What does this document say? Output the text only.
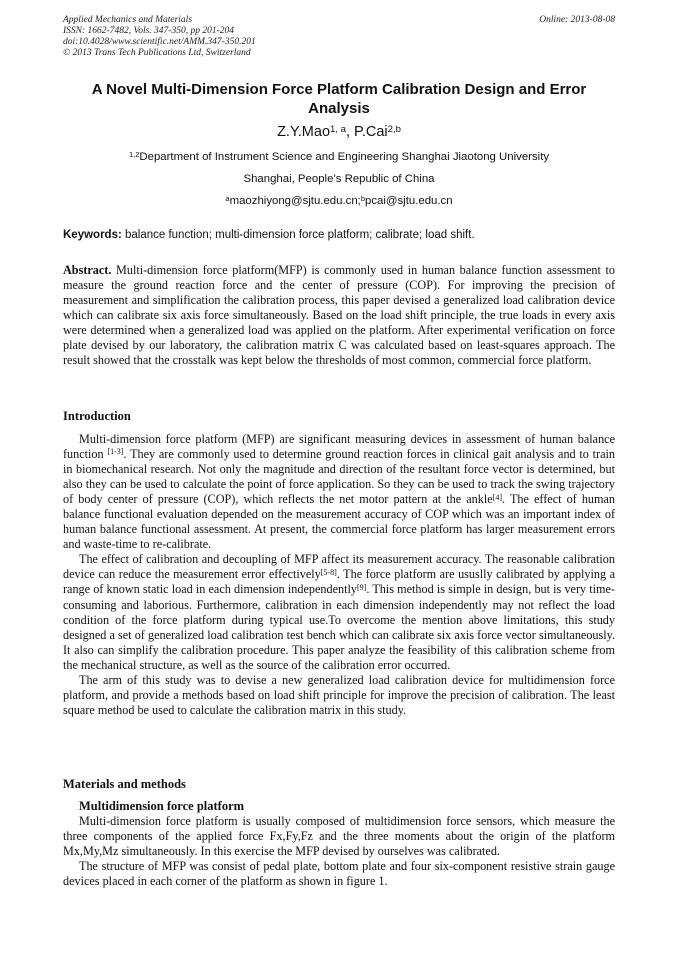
Applied Mechanics and Materials
ISSN: 1662-7482, Vols. 347-350, pp 201-204
doi:10.4028/www.scientific.net/AMM.347-350.201
© 2013 Trans Tech Publications Ltd, Switzerland
Online: 2013-08-08
A Novel Multi-Dimension Force Platform Calibration Design and Error Analysis
Z.Y.Mao$^{1, a}$, P.Cai$^{2,b}$
$^{1,2}$Department of Instrument Science and Engineering Shanghai Jiaotong University
Shanghai, People’s Republic of China
$^a$maozhiyong@sjtu.edu.cn;$^b$pcai@sjtu.edu.cn
Keywords: balance function; multi-dimension force platform; calibrate; load shift.
Abstract. Multi-dimension force platform(MFP) is commonly used in human balance function assessment to measure the ground reaction force and the center of pressure (COP). For improving the precision of measurement and simplification the calibration process, this paper devised a generalized load calibration device which can calibrate six axis force simultaneously. Based on the load shift principle, the true loads in every axis were determined when a generalized load was applied on the platform. After experimental verification on force plate devised by our laboratory, the calibration matrix C was calculated based on least-squares approach. The result showed that the crosstalk was kept below the thresholds of most common, commercial force platform.
Introduction

Multi-dimension force platform (MFP) are significant measuring devices in assessment of human balance function [1-3]. They are commonly used to determine ground reaction forces in clinical gait analysis and to train in biomechanical research. Not only the magnitude and direction of the resultant force vector is determined, but also they can be used to calculate the point of force application. So they can be used to track the swing trajectory of body center of pressure (COP), which reflects the net motor pattern at the ankle[4]. The effect of human balance functional evaluation depended on the measurement accuracy of COP which was an important index of human balance functional assessment. At present, the commercial force platform has larger measurement errors and waste-time to re-calibrate.

The effect of calibration and decoupling of MFP affect its measurement accuracy. The reasonable calibration device can reduce the measurement error effectively[5-8]. The force platform are ususlly calibrated by applying a range of known static load in each dimension independently[9]. This method is simple in design, but is very time-consuming and laborious. Furthermore, calibration in each dimension independently may not reflect the load condition of the force platform during typical use.To overcome the mention above limitations, this study designed a set of generalized load calibration test bench which can calibrate six axis force vector simultaneously. It also can simplify the calibration procedure. This paper analyze the feasibility of this calibration scheme from the mechanical structure, as well as the source of the calibration error occurred.

The arm of this study was to devise a new generalized load calibration device for multidimension force platform, and provide a methods based on load shift principle for improve the precision of calibration. The least square method be used to calculate the calibration matrix in this study.

Materials and methods
Multidimension force platform

Multi-dimension force platform is usually composed of multidimension force sensors, which measure the three components of the applied force Fx,Fy,Fz and the three moments about the origin of the platform Mx,My,Mz simultaneously. In this exercise the MFP devised by ourselves was calibrated.

The structure of MFP was consist of pedal plate, bottom plate and four six-component resistive strain gauge devices placed in each corner of the platform as shown in figure 1.
